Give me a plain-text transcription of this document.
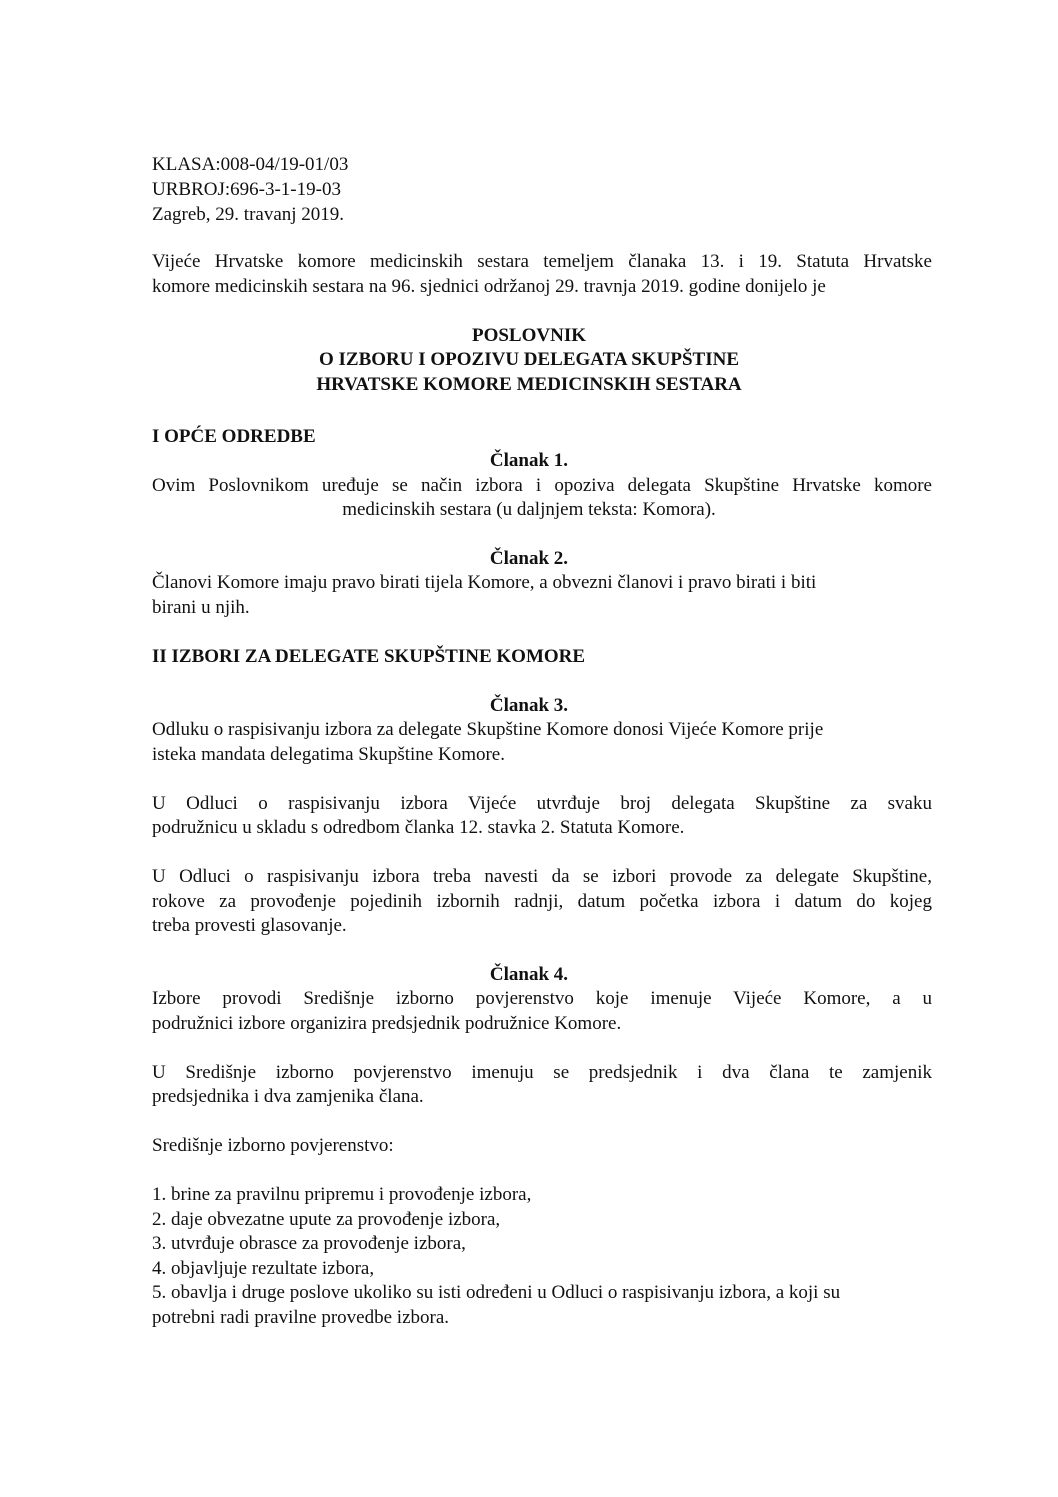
KLASA:008-04/19-01/03
URBROJ:696-3-1-19-03
Zagreb, 29. travanj 2019.
Vijeće Hrvatske komore medicinskih sestara temeljem članaka 13. i 19. Statuta Hrvatske
komore medicinskih sestara na 96. sjednici održanoj 29. travnja 2019. godine donijelo je
POSLOVNIK
O IZBORU I OPOZIVU DELEGATA SKUPŠTINE
HRVATSKE KOMORE MEDICINSKIH SESTARA
I OPĆE ODREDBE
Članak 1.
Ovim Poslovnikom uređuje se način izbora i opoziva delegata Skupštine Hrvatske komore
medicinskih sestara (u daljnjem teksta: Komora).
Članak 2.
Članovi Komore imaju pravo birati tijela Komore, a obvezni članovi i pravo birati i biti
birani u njih.
II IZBORI ZA DELEGATE SKUPŠTINE KOMORE
Članak 3.
Odluku o raspisivanju izbora za delegate Skupštine Komore donosi Vijeće Komore prije
isteka mandata delegatima Skupštine Komore.
U Odluci o raspisivanju izbora Vijeće utvrđuje broj delegata Skupštine za svaku
podružnicu u skladu s odredbom članka 12. stavka 2. Statuta Komore.
U Odluci o raspisivanju izbora treba navesti da se izbori provode za delegate Skupštine,
rokove za provođenje pojedinih izbornih radnji, datum početka izbora i datum do kojeg
treba provesti glasovanje.
Članak 4.
Izbore provodi Središnje izborno povjerenstvo koje imenuje Vijeće Komore, a u
podružnici izbore organizira predsjednik podružnice Komore.
U Središnje izborno povjerenstvo imenuju se predsjednik i dva člana te zamjenik
predsjednika i dva zamjenika člana.
Središnje izborno povjerenstvo:
1. brine za pravilnu pripremu i provođenje izbora,
2. daje obvezatne upute za provođenje izbora,
3. utvrđuje obrasce za provođenje izbora,
4. objavljuje rezultate izbora,
5. obavlja i druge poslove ukoliko su isti određeni u Odluci o raspisivanju izbora, a koji su
potrebni radi pravilne provedbe izbora.
